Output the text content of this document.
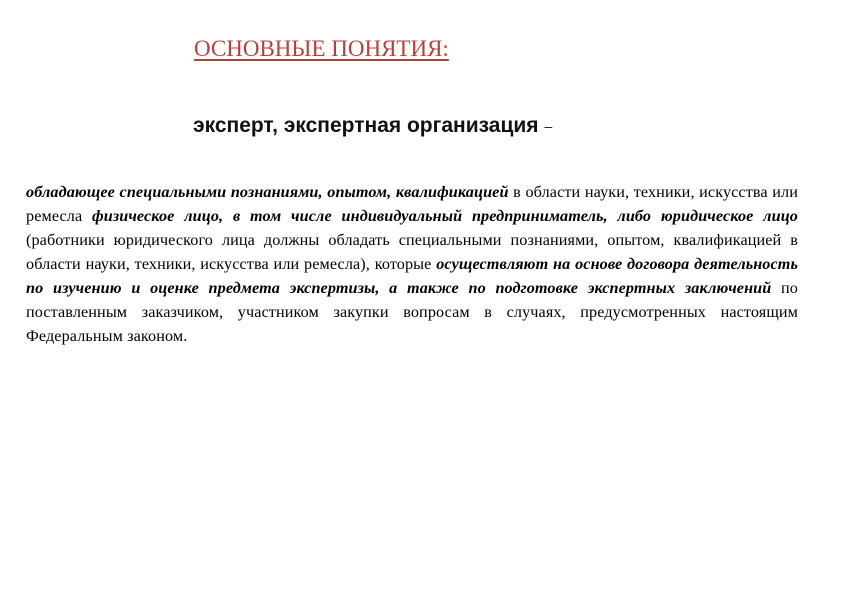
ОСНОВНЫЕ ПОНЯТИЯ:
эксперт, экспертная организация –
обладающее специальными познаниями, опытом, квалификацией в области науки, техники, искусства или ремесла физическое лицо, в том числе индивидуальный предприниматель, либо юридическое лицо (работники юридического лица должны обладать специальными познаниями, опытом, квалификацией в области науки, техники, искусства или ремесла), которые осуществляют на основе договора деятельность по изучению и оценке предмета экспертизы, а также по подготовке экспертных заключений по поставленным заказчиком, участником закупки вопросам в случаях, предусмотренных настоящим Федеральным законом.
